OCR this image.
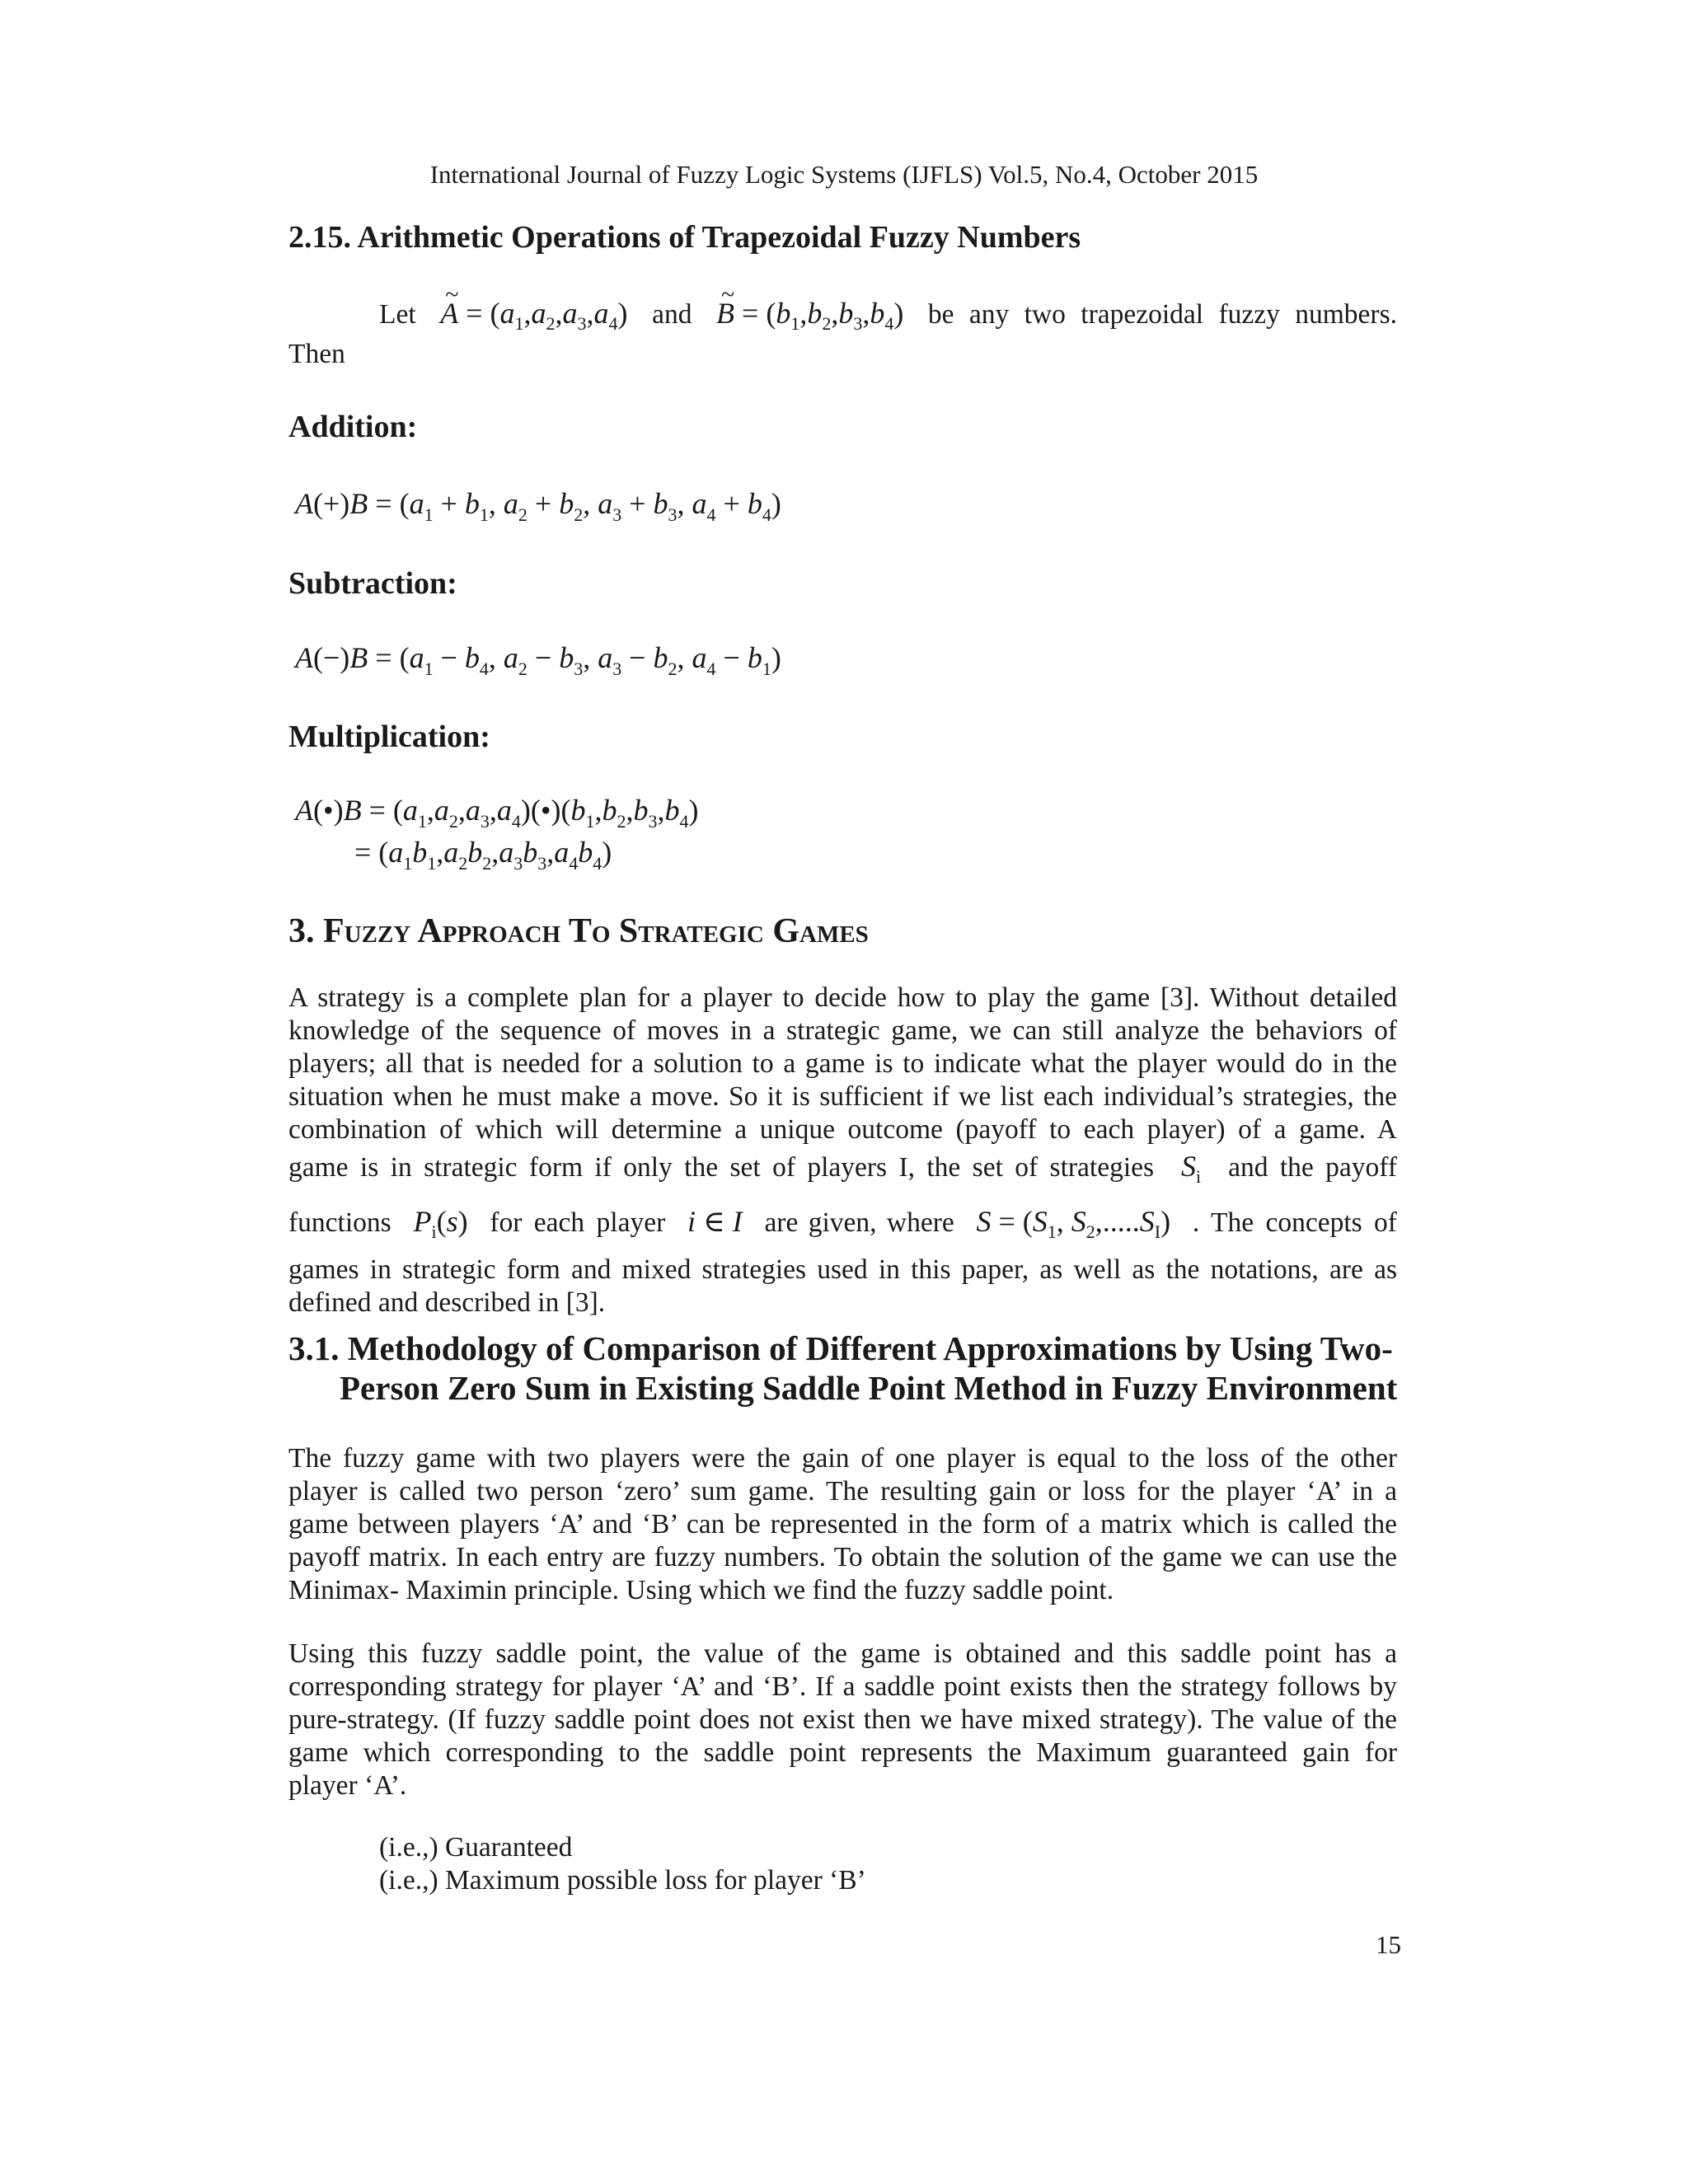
International Journal of Fuzzy Logic Systems (IJFLS) Vol.5, No.4, October 2015
2.15. Arithmetic Operations of Trapezoidal Fuzzy Numbers
Let ~ $A = (a_1,a_2,a_3,a_4)$ and ~ $B = (b_1,b_2,b_3,b_4)$ be any two trapezoidal fuzzy numbers.
Then
Addition:
$A(+)B = (a_1 + b_1$, $a_2 + b_2$, $a_3 + b_3$, $a_4 + b_4$)
Subtraction:
$A(-)B = (a_1 - b_4$, $a_2 - b_3$, $a_3 - b_2$, $a_4 - b_1$)
Multiplication:
A(•)B = $(a_1,a_2,a_3,a_4)(•)(b_1,b_2,b_3,b_4)$
= $(a_1b_1,a_2b_2,a_3b_3,a_4b_4)$
3. Fuzzy Approach To Strategic Games
A strategy is a complete plan for a player to decide how to play the game [3]. Without detailed
knowledge of the sequence of moves in a strategic game, we can still analyze the behaviors of
players; all that is needed for a solution to a game is to indicate what the player would do in the
situation when he must make a move. So it is sufficient if we list each individual’s strategies, the
combination of which will determine a unique outcome (payoff to each player) of a game. A
game is in strategic form if only the set of players I, the set of strategies $S_i$ and the payoff
functions $P_i(s)$ for each player i ∈ I are given, where $S = (S_1$, $S_2,.....S_I$) . The concepts of
games in strategic form and mixed strategies used in this paper, as well as the notations, are as
defined and described in [3].
3.1. Methodology of Comparison of Different Approximations by Using Two-
Person Zero Sum in Existing Saddle Point Method in Fuzzy Environment
The fuzzy game with two players were the gain of one player is equal to the loss of the other
player is called two person ‘zero’ sum game. The resulting gain or loss for the player ‘A’ in a
game between players ‘A’ and ‘B’ can be represented in the form of a matrix which is called the
payoff matrix. In each entry are fuzzy numbers. To obtain the solution of the game we can use the
Minimax- Maximin principle. Using which we find the fuzzy saddle point.
Using this fuzzy saddle point, the value of the game is obtained and this saddle point has a
corresponding strategy for player ‘A’ and ‘B’. If a saddle point exists then the strategy follows by
pure-strategy. (If fuzzy saddle point does not exist then we have mixed strategy). The value of the
game which corresponding to the saddle point represents the Maximum guaranteed gain for
player ‘A’.
(i.e.,) Guaranteed
(i.e.,) Maximum possible loss for player ‘B’
15
